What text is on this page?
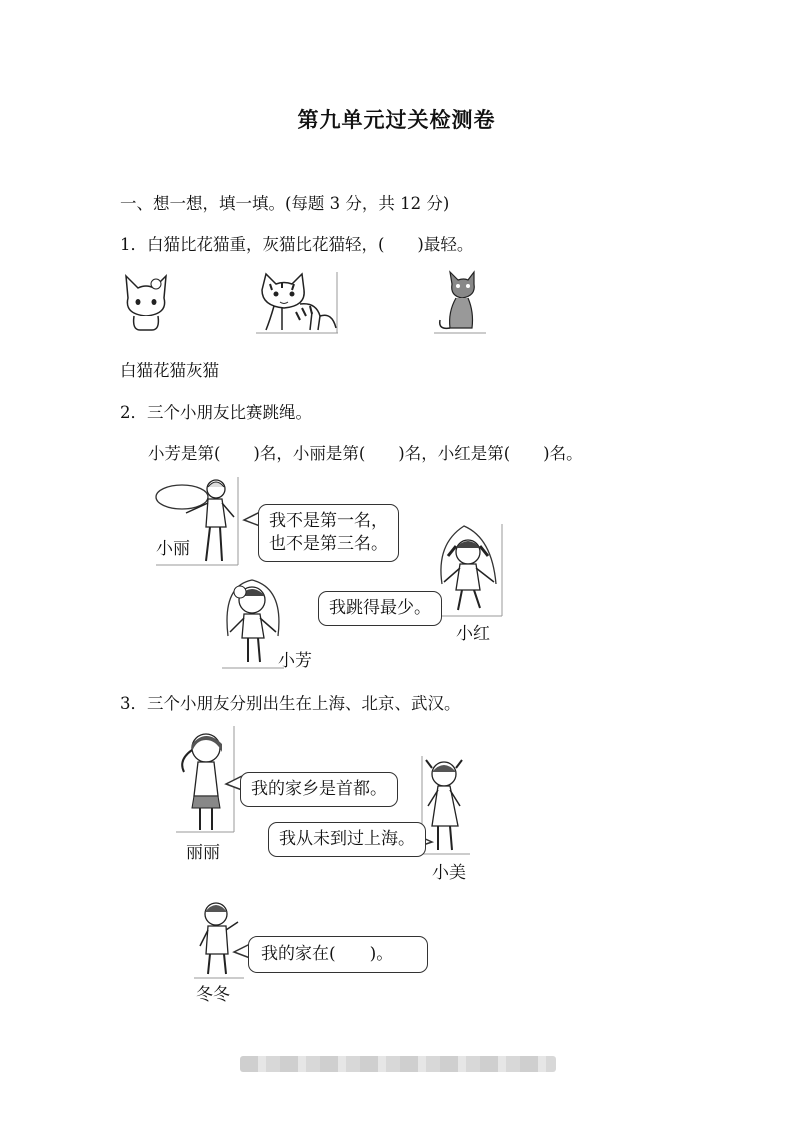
第九单元过关检测卷
一、想一想，填一填。(每题 3 分，共 12 分)
1．白猫比花猫重，灰猫比花猫轻，(　　)最轻。
白猫花猫灰猫
2．三个小朋友比赛跳绳。
小芳是第(　　)名，小丽是第(　　)名，小红是第(　　)名。
小丽
我不是第一名，
也不是第三名。
小红
我跳得最少。
小芳
3．三个小朋友分别出生在上海、北京、武汉。
丽丽
我的家乡是首都。
小美
我从未到过上海。
冬冬
我的家在(　　)。
